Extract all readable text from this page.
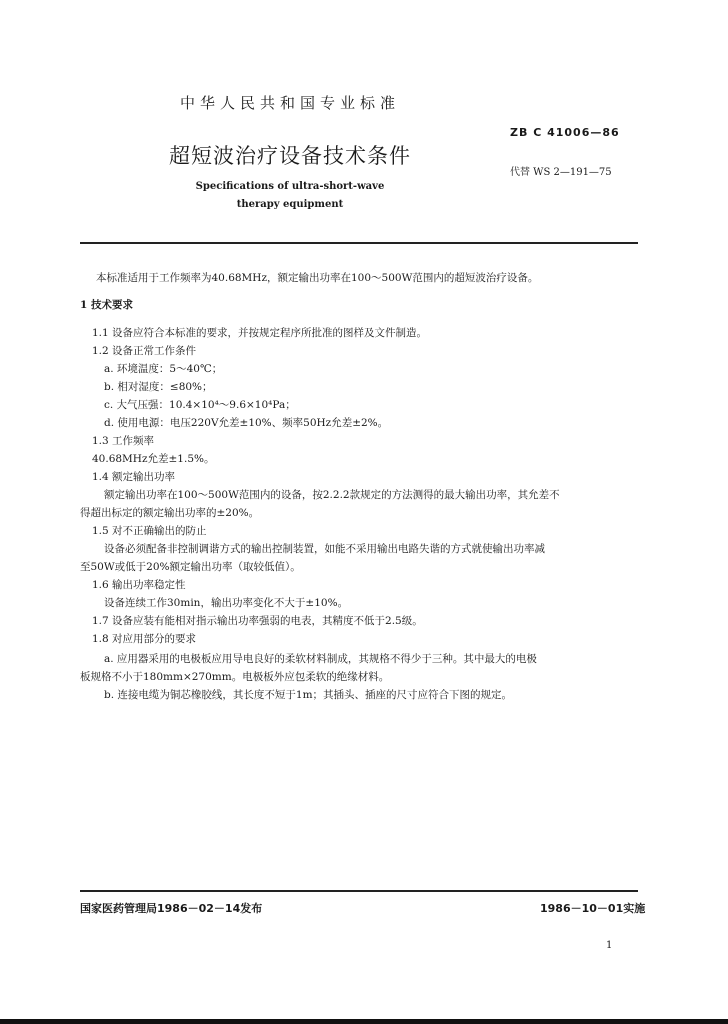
中华人民共和国专业标准
ZB C 41006—86
超短波治疗设备技术条件
代替 WS 2—191—75
Specifications of ultra-short-wave
therapy equipment
本标准适用于工作频率为40.68MHz，额定输出功率在100～500W范围内的超短波治疗设备。
1 技术要求
1.1 设备应符合本标准的要求，并按规定程序所批准的图样及文件制造。
1.2 设备正常工作条件
a. 环境温度：5～40℃；
b. 相对湿度：≤80%；
c. 大气压强：10.4×10⁴～9.6×10⁴Pa；
d. 使用电源：电压220V允差±10%、频率50Hz允差±2%。
1.3 工作频率
40.68MHz允差±1.5%。
1.4 额定输出功率
额定输出功率在100～500W范围内的设备，按2.2.2款规定的方法测得的最大输出功率，其允差不
得超出标定的额定输出功率的±20%。
1.5 对不正确输出的防止
设备必须配备非控制调谐方式的输出控制装置，如能不采用输出电路失谐的方式就使输出功率减
至50W或低于20%额定输出功率（取较低值）。
1.6 输出功率稳定性
设备连续工作30min，输出功率变化不大于±10%。
1.7 设备应装有能相对指示输出功率强弱的电表，其精度不低于2.5级。
1.8 对应用部分的要求
a. 应用器采用的电极板应用导电良好的柔软材料制成，其规格不得少于三种。其中最大的电极
板规格不小于180mm×270mm。电极板外应包柔软的绝缘材料。
b. 连接电缆为铜芯橡胶线，其长度不短于1m；其插头、插座的尺寸应符合下图的规定。
国家医药管理局1986－02－14发布	1986－10－01实施
1
